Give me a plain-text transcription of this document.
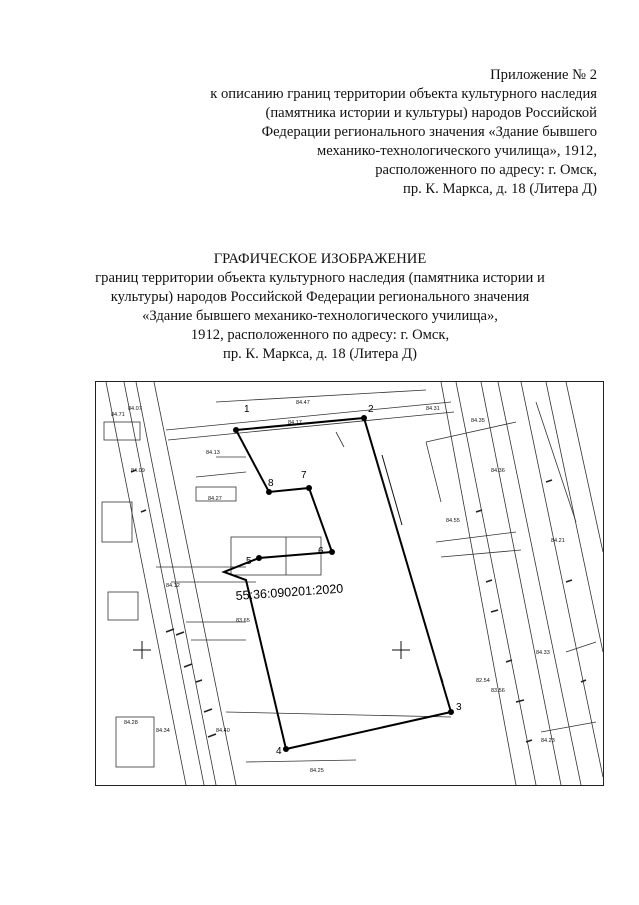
Приложение № 2
к описанию границ территории объекта культурного наследия
(памятника истории и культуры) народов Российской
Федерации регионального значения «Здание бывшего
механико-технологического училища», 1912,
расположенного по адресу: г. Омск,
пр. К. Маркса, д. 18 (Литера Д)
ГРАФИЧЕСКОЕ ИЗОБРАЖЕНИЕ
границ территории объекта культурного наследия (памятника истории и
культуры) народов Российской Федерации регионального значения
«Здание бывшего механико-технологического училища»,
1912, расположенного по адресу: г. Омск,
пр. К. Маркса, д. 18 (Литера Д)
1	2
3
4
5
6
7
8
55:36:090201:2020
84.07
84.09
84.13
84.31
84.33
84.28
84.34
84.25
84.55
84.17	84.35
84.36
84.21
84.23
84.12
84.71
84.47
82.54
83.56
84.40
83.65
84.27
